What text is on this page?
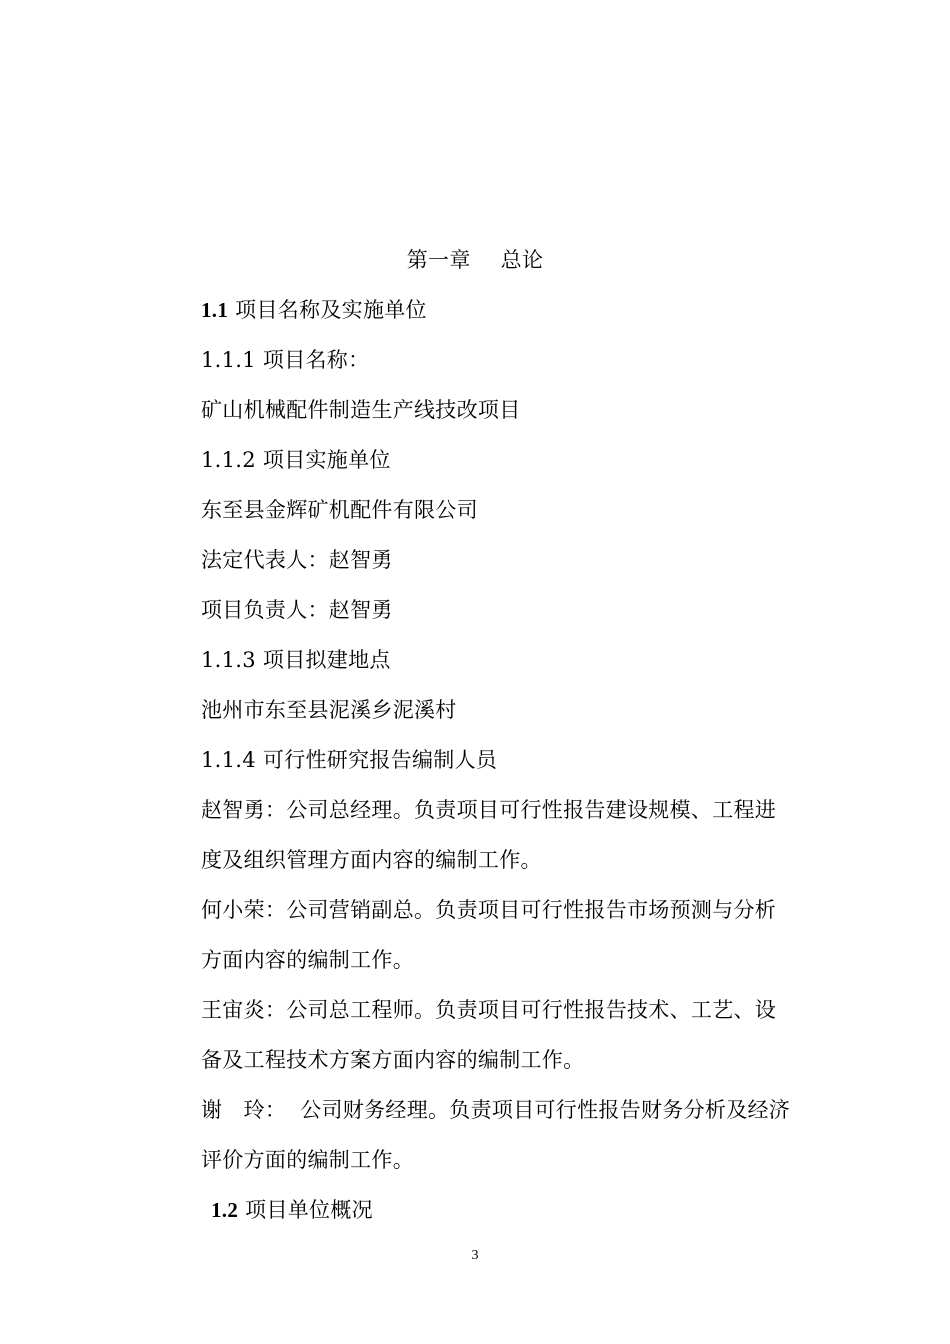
第一章 总论

1.1 项目名称及实施单位

1.1.1 项目名称：

矿山机械配件制造生产线技改项目

1.1.2 项目实施单位

东至县金辉矿机配件有限公司

法定代表人：赵智勇

项目负责人：赵智勇

1.1.3 项目拟建地点

池州市东至县泥溪乡泥溪村

1.1.4 可行性研究报告编制人员

赵智勇：公司总经理。负责项目可行性报告建设规模、工程进

度及组织管理方面内容的编制工作。

何小荣：公司营销副总。负责项目可行性报告市场预测与分析

方面内容的编制工作。

王宙炎：公司总工程师。负责项目可行性报告技术、工艺、设

备及工程技术方案方面内容的编制工作。

谢　玲： 公司财务经理。负责项目可行性报告财务分析及经济

评价方面的编制工作。

1.2 项目单位概况

3
